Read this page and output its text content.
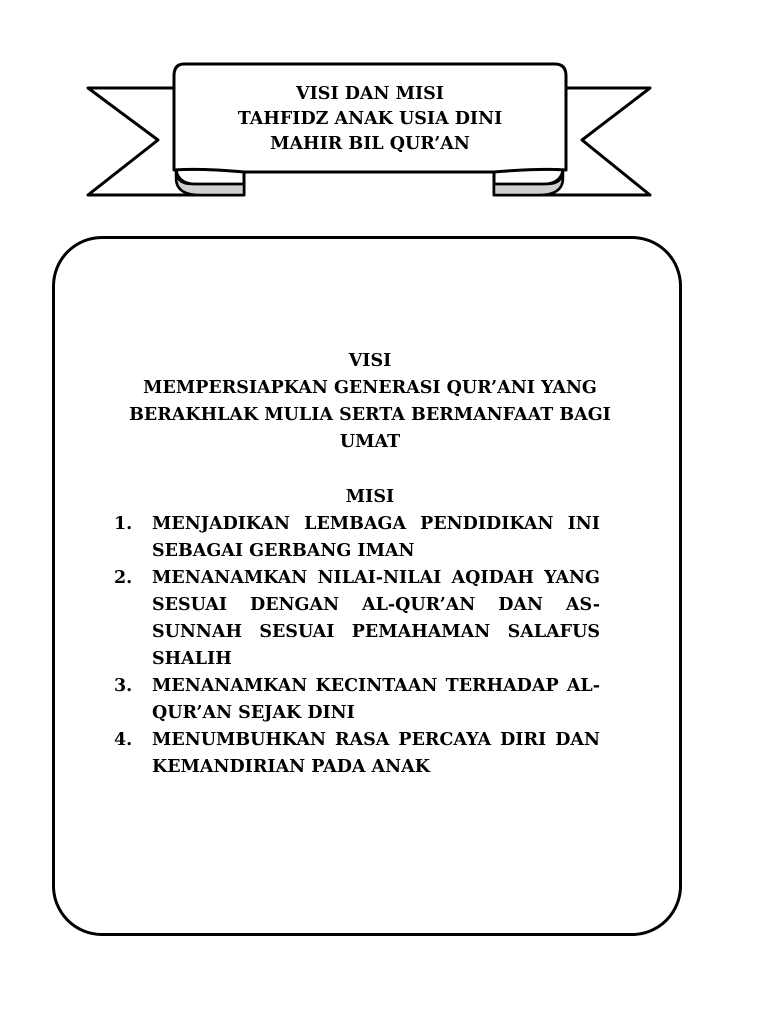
VISI DAN MISI
TAHFIDZ ANAK USIA DINI
MAHIR BIL QUR’AN
VISI
MEMPERSIAPKAN GENERASI QUR’ANI YANG BERAKHLAK MULIA SERTA BERMANFAAT BAGI UMAT
MISI
1. MENJADIKAN LEMBAGA PENDIDIKAN INI SEBAGAI GERBANG IMAN
2. MENANAMKAN NILAI-NILAI AQIDAH YANG SESUAI DENGAN AL-QUR’AN DAN AS-SUNNAH SESUAI PEMAHAMAN SALAFUS SHALIH
3. MENANAMKAN KECINTAAN TERHADAP AL-QUR’AN SEJAK DINI
4. MENUMBUHKAN RASA PERCAYA DIRI DAN KEMANDIRIAN PADA ANAK
